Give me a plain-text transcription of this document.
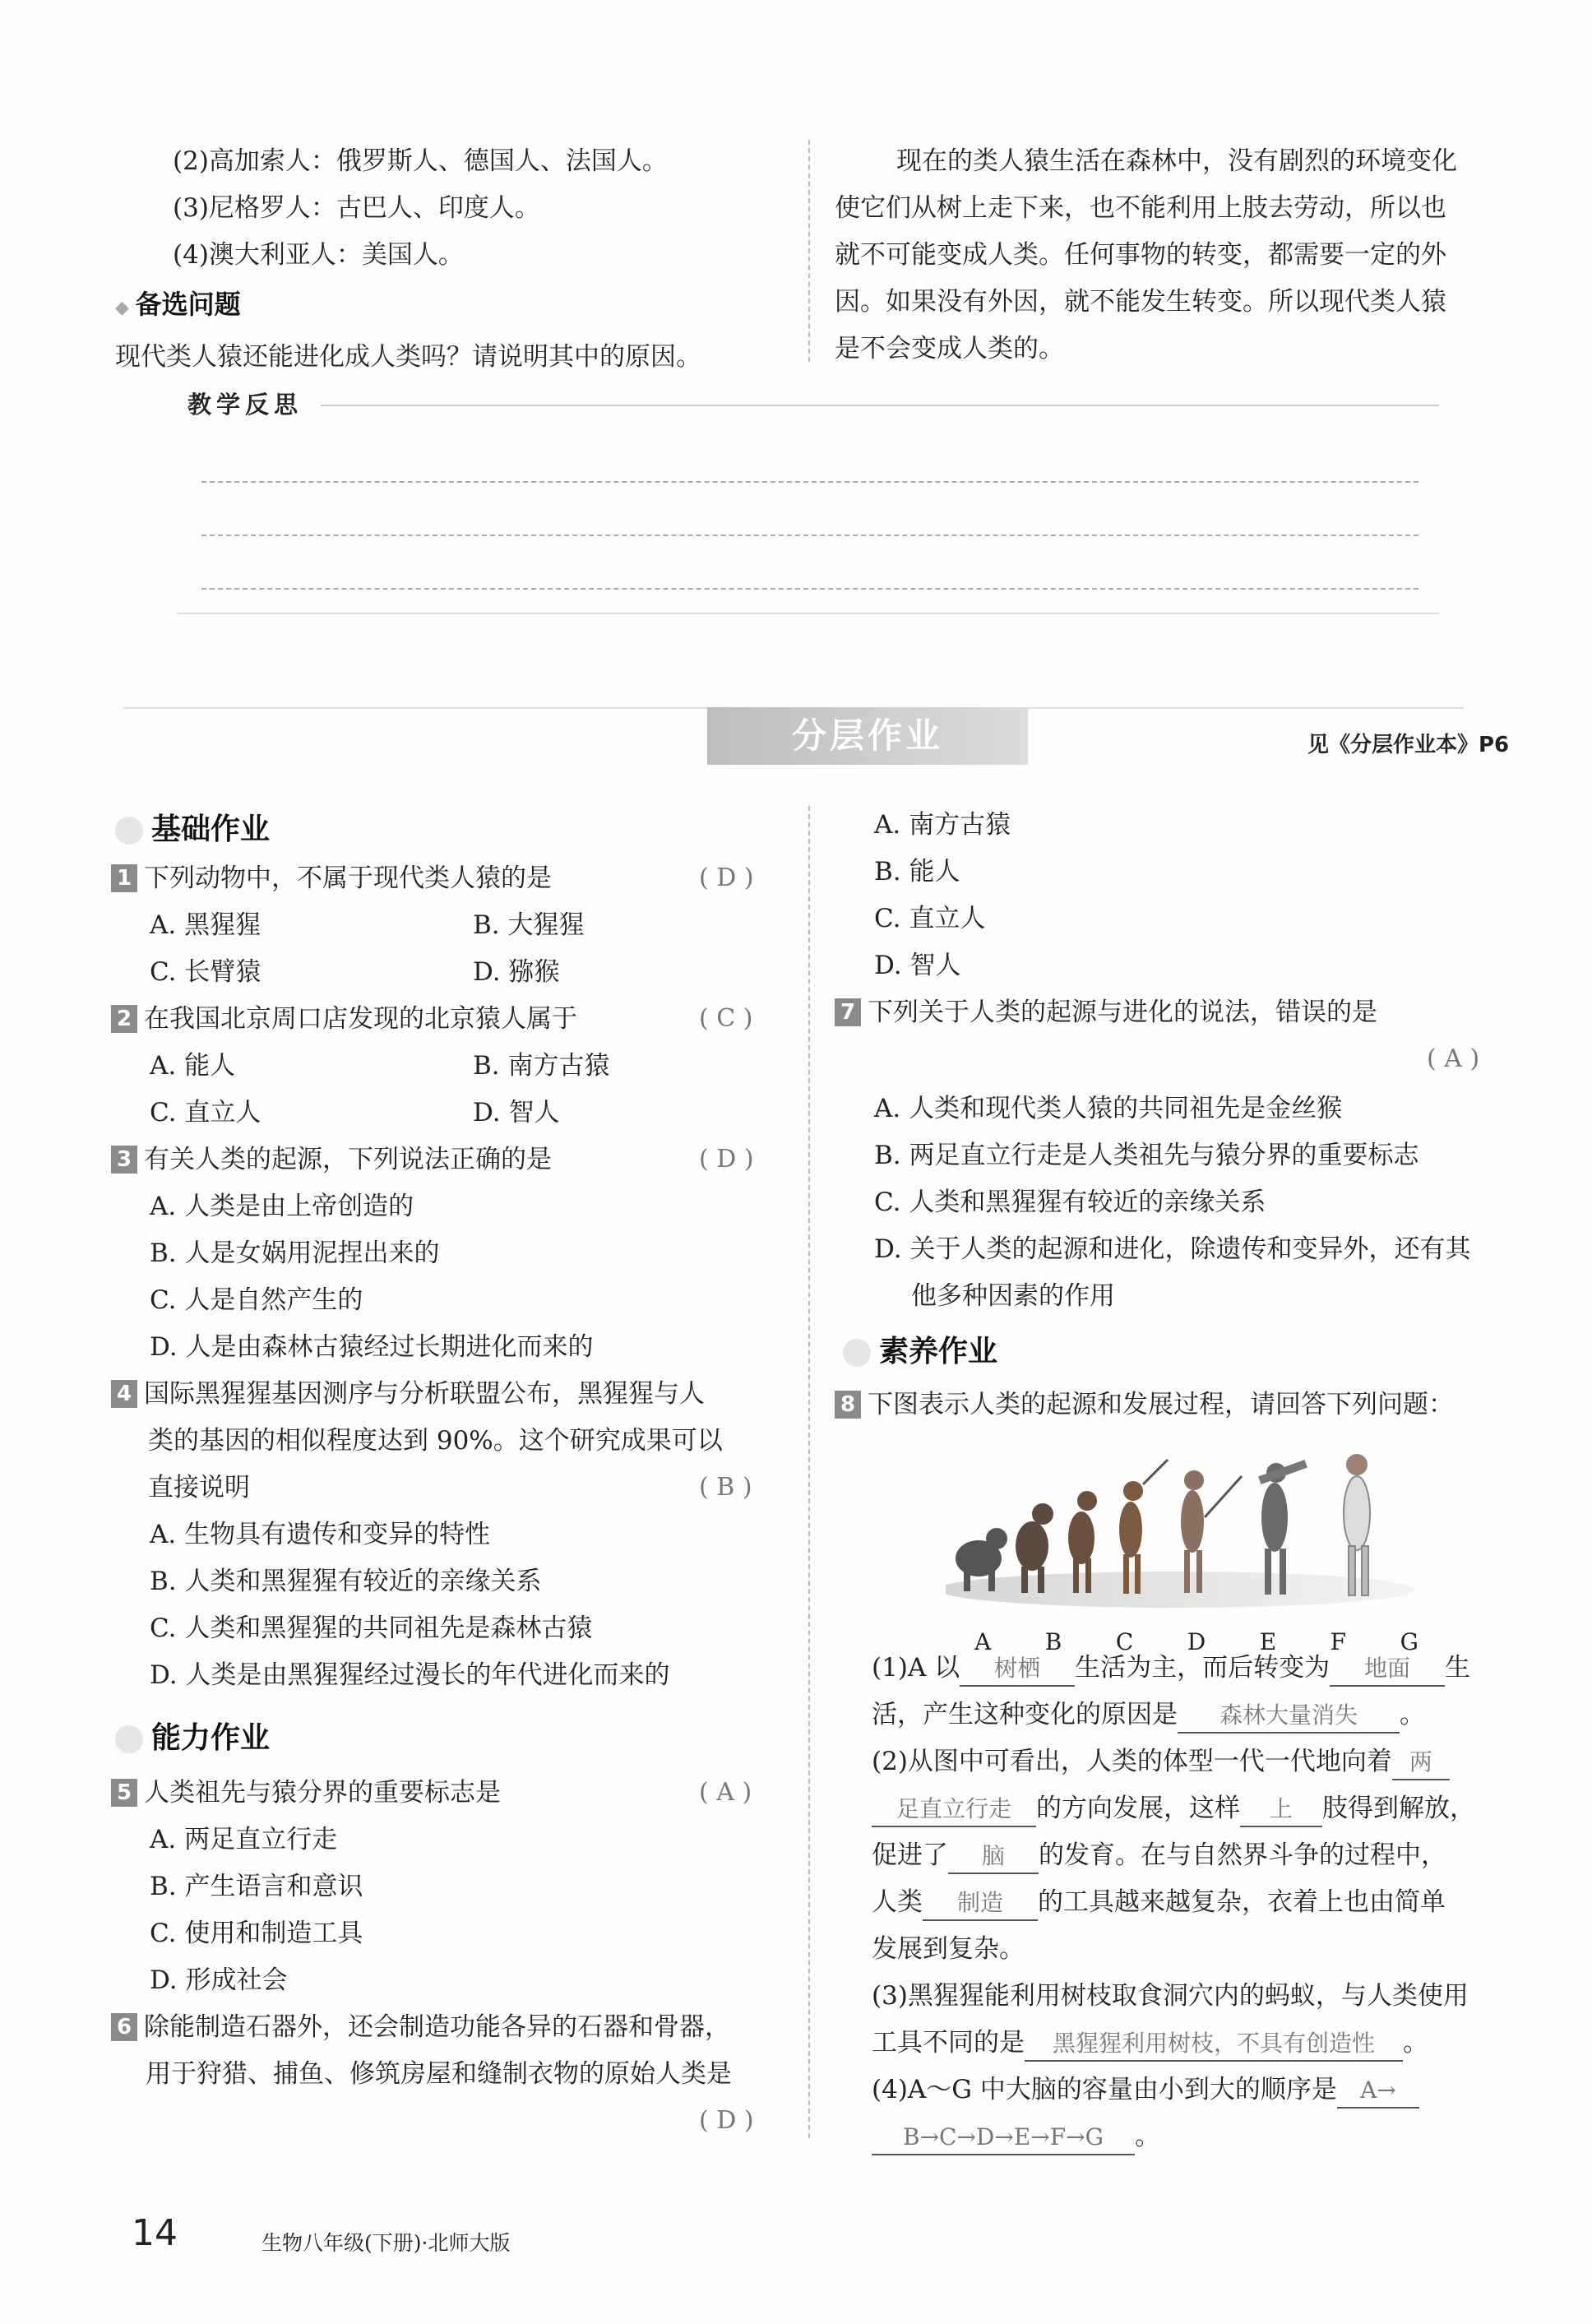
(2)高加索人：俄罗斯人、德国人、法国人。
(3)尼格罗人：古巴人、印度人。
(4)澳大利亚人：美国人。
◆ 备选问题
现代类人猿还能进化成人类吗？请说明其中的原因。
教学反思
现在的类人猿生活在森林中，没有剧烈的环境变化
使它们从树上走下来，也不能利用上肢去劳动，所以也
就不可能变成人类。任何事物的转变，都需要一定的外
因。如果没有外因，就不能发生转变。所以现代类人猿
是不会变成人类的。
分层作业	见《分层作业本》P6
基础作业
1 下列动物中，不属于现代类人猿的是	( D )
A. 黑猩猩	B. 大猩猩
C. 长臂猿	D. 猕猴
2 在我国北京周口店发现的北京猿人属于	( C )
A. 能人	B. 南方古猿
C. 直立人	D. 智人
3 有关人类的起源，下列说法正确的是	( D )
A. 人类是由上帝创造的
B. 人是女娲用泥捏出来的
C. 人是自然产生的
D. 人是由森林古猿经过长期进化而来的
4 国际黑猩猩基因测序与分析联盟公布，黑猩猩与人
类的基因的相似程度达到 90%。这个研究成果可以
直接说明	( B )
A. 生物具有遗传和变异的特性
B. 人类和黑猩猩有较近的亲缘关系
C. 人类和黑猩猩的共同祖先是森林古猿
D. 人类是由黑猩猩经过漫长的年代进化而来的
能力作业
5 人类祖先与猿分界的重要标志是	( A )
A. 两足直立行走
B. 产生语言和意识
C. 使用和制造工具
D. 形成社会
6 除能制造石器外，还会制造功能各异的石器和骨器，
用于狩猎、捕鱼、修筑房屋和缝制衣物的原始人类是
( D )
A. 南方古猿
B. 能人
C. 直立人
D. 智人
7 下列关于人类的起源与进化的说法，错误的是
( A )
A. 人类和现代类人猿的共同祖先是金丝猴
B. 两足直立行走是人类祖先与猿分界的重要标志
C. 人类和黑猩猩有较近的亲缘关系
D. 关于人类的起源和进化，除遗传和变异外，还有其
他多种因素的作用
素养作业
8 下图表示人类的起源和发展过程，请回答下列问题：
A B C D E F G
(1)A 以 树栖 生活为主，而后转变为 地面 生
活，产生这种变化的原因是 森林大量消失 。
(2)从图中可看出，人类的体型一代一代地向着 两
足直立行走 的方向发展，这样 上 肢得到解放，
促进了 脑 的发育。在与自然界斗争的过程中，
人类 制造 的工具越来越复杂，衣着上也由简单
发展到复杂。
(3)黑猩猩能利用树枝取食洞穴内的蚂蚁，与人类使用
工具不同的是 黑猩猩利用树枝，不具有创造性 。
(4)A～G 中大脑的容量由小到大的顺序是 A→
B→C→D→E→F→G 。
14	生物八年级(下册)·北师大版
